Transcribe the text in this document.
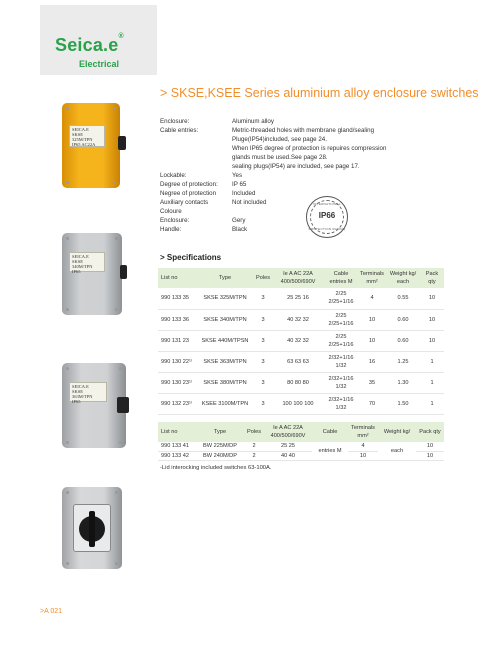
Seica.e®
Electrical
> SKSE,KSEE Series aluminium alloy enclosure switches
SEICA.E
SKSE 325M/TPN
IP65 AC22A
SEICA.E
SKSE 340M/TPN
IP65
SEICA.E
SKSE 363M/TPN
IP65
Enclosure:	Aluminum alloy
Cable entries:	Metric-threaded holes with membrane gland/sealing
Pluge(IP54)included, see page 24.
When IP65 degree of protection is repuires compression
glands must be used.See page 28.
sealing plugs(IP54) are included, see page 17.
Lockable:	Yes
Degree of protection: IP 65
Negree of protection	Included
Auxiliary contacts	Not included
Coloure
Enclosure:	Gery
Handle:	Black
INTERNATIONAL
IP66
PROTECTION RATING
> Specifications
List no	Type	Poles	Ie A AC 22A
400/500/690V	Cable
entries M	Terminals
mm²	Weight kg/
each	Pack
qty

990 133 35	SKSE 325M/TPN	3	25 25 16	2/25
2/25+1/16	4	0.55	10
990 133 36	SKSE 340M/TPN	3	40 32 32	2/25
2/25+1/16	10	0.60	10
990 131 23	SKSE 440M/TPSN	3	40 32 32	2/25
2/25+1/16	10	0.60	10
990 130 22¹⁾	SKSE 363M/TPN	3	63 63 63	2/32+1/16
1/32	16	1.25	1
990 130 23¹⁾	SKSE 380M/TPN	3	80 80 80	2/32+1/16
1/32	35	1.30	1
990 132 23¹⁾	KSEE 3100M/TPN	3	100 100 100	2/32+1/16
1/32	70	1.50	1
List no	Type	Poles	Ie A AC 22A
400/500/690V	Cable	Terminals
mm²	Weight kg/	Pack qty
990 133 41	BW 225M/DP	2	25 25	entries M	4	each	10
990 133 42	BW 240M/DP	2	40 40		10		10
-Lid interocking included switches 63-100A.
>A 021
